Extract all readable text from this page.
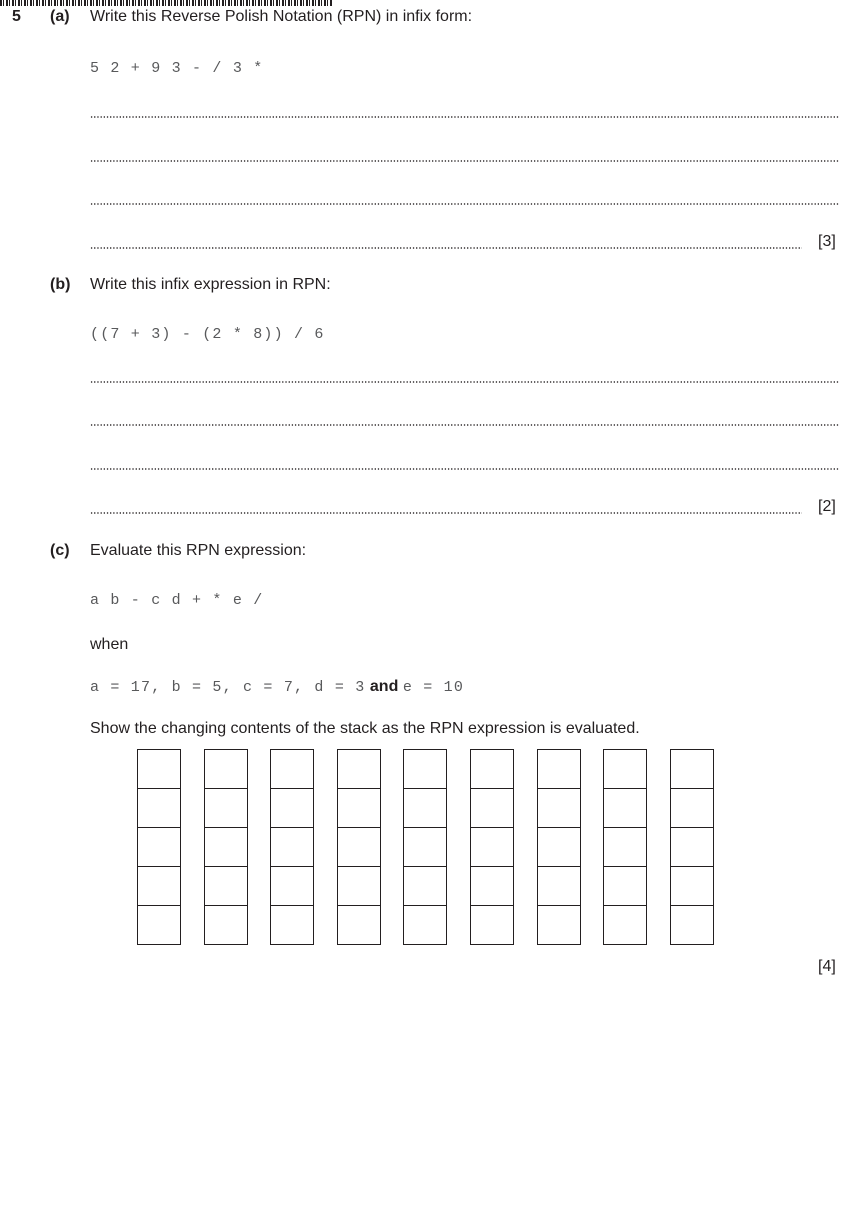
5 (a) Write this Reverse Polish Notation (RPN) in infix form:
5 2 + 9 3 - / 3 *
[3]
(b) Write this infix expression in RPN:
((7 + 3) - (2 * 8)) / 6
[2]
(c) Evaluate this RPN expression:
a b - c d + * e /
when
a = 17, b = 5, c = 7, d = 3 and e = 10
Show the changing contents of the stack as the RPN expression is evaluated.
[4]
